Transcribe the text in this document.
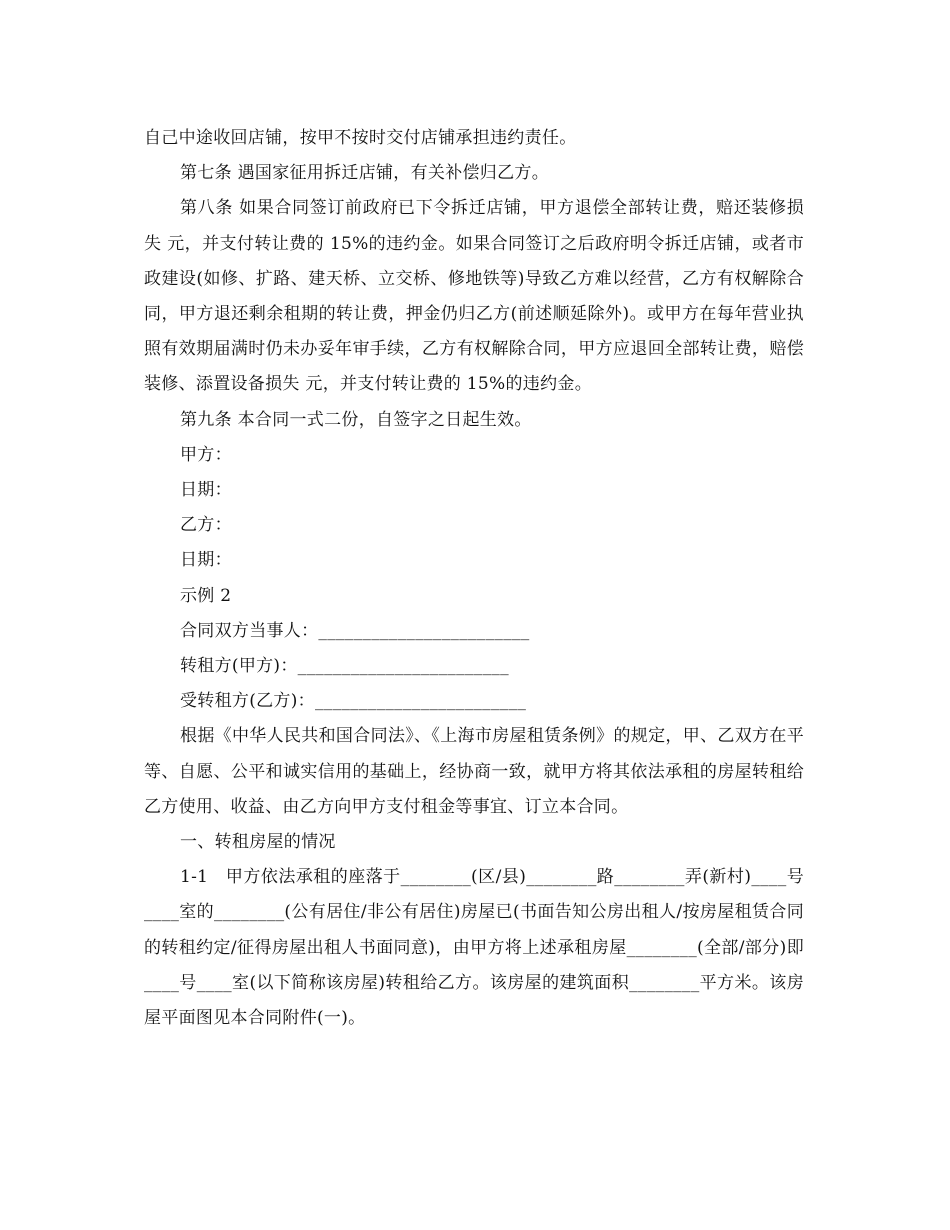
自己中途收回店铺，按甲不按时交付店铺承担违约责任。

第七条 遇国家征用拆迁店铺，有关补偿归乙方。

第八条 如果合同签订前政府已下令拆迁店铺，甲方退偿全部转让费，赔还装修损失 元，并支付转让费的 15%的违约金。如果合同签订之后政府明令拆迁店铺，或者市政建设(如修、扩路、建天桥、立交桥、修地铁等)导致乙方难以经营，乙方有权解除合同，甲方退还剩余租期的转让费，押金仍归乙方(前述顺延除外)。或甲方在每年营业执照有效期届满时仍未办妥年审手续，乙方有权解除合同，甲方应退回全部转让费，赔偿装修、添置设备损失 元，并支付转让费的 15%的违约金。

第九条 本合同一式二份，自签字之日起生效。

甲方：

日期：

乙方：

日期：

示例 2

合同双方当事人：________________________

转租方(甲方)：________________________

受转租方(乙方)：________________________

根据《中华人民共和国合同法》、《上海市房屋租赁条例》的规定，甲、乙双方在平等、自愿、公平和诚实信用的基础上，经协商一致，就甲方将其依法承租的房屋转租给乙方使用、收益、由乙方向甲方支付租金等事宜、订立本合同。

一、转租房屋的情况

1-1　甲方依法承租的座落于________(区/县)________路________弄(新村)____号____室的________(公有居住/非公有居住)房屋已(书面告知公房出租人/按房屋租赁合同的转租约定/征得房屋出租人书面同意)，由甲方将上述承租房屋________(全部/部分)即____号____室(以下简称该房屋)转租给乙方。该房屋的建筑面积________平方米。该房屋平面图见本合同附件(一)。
